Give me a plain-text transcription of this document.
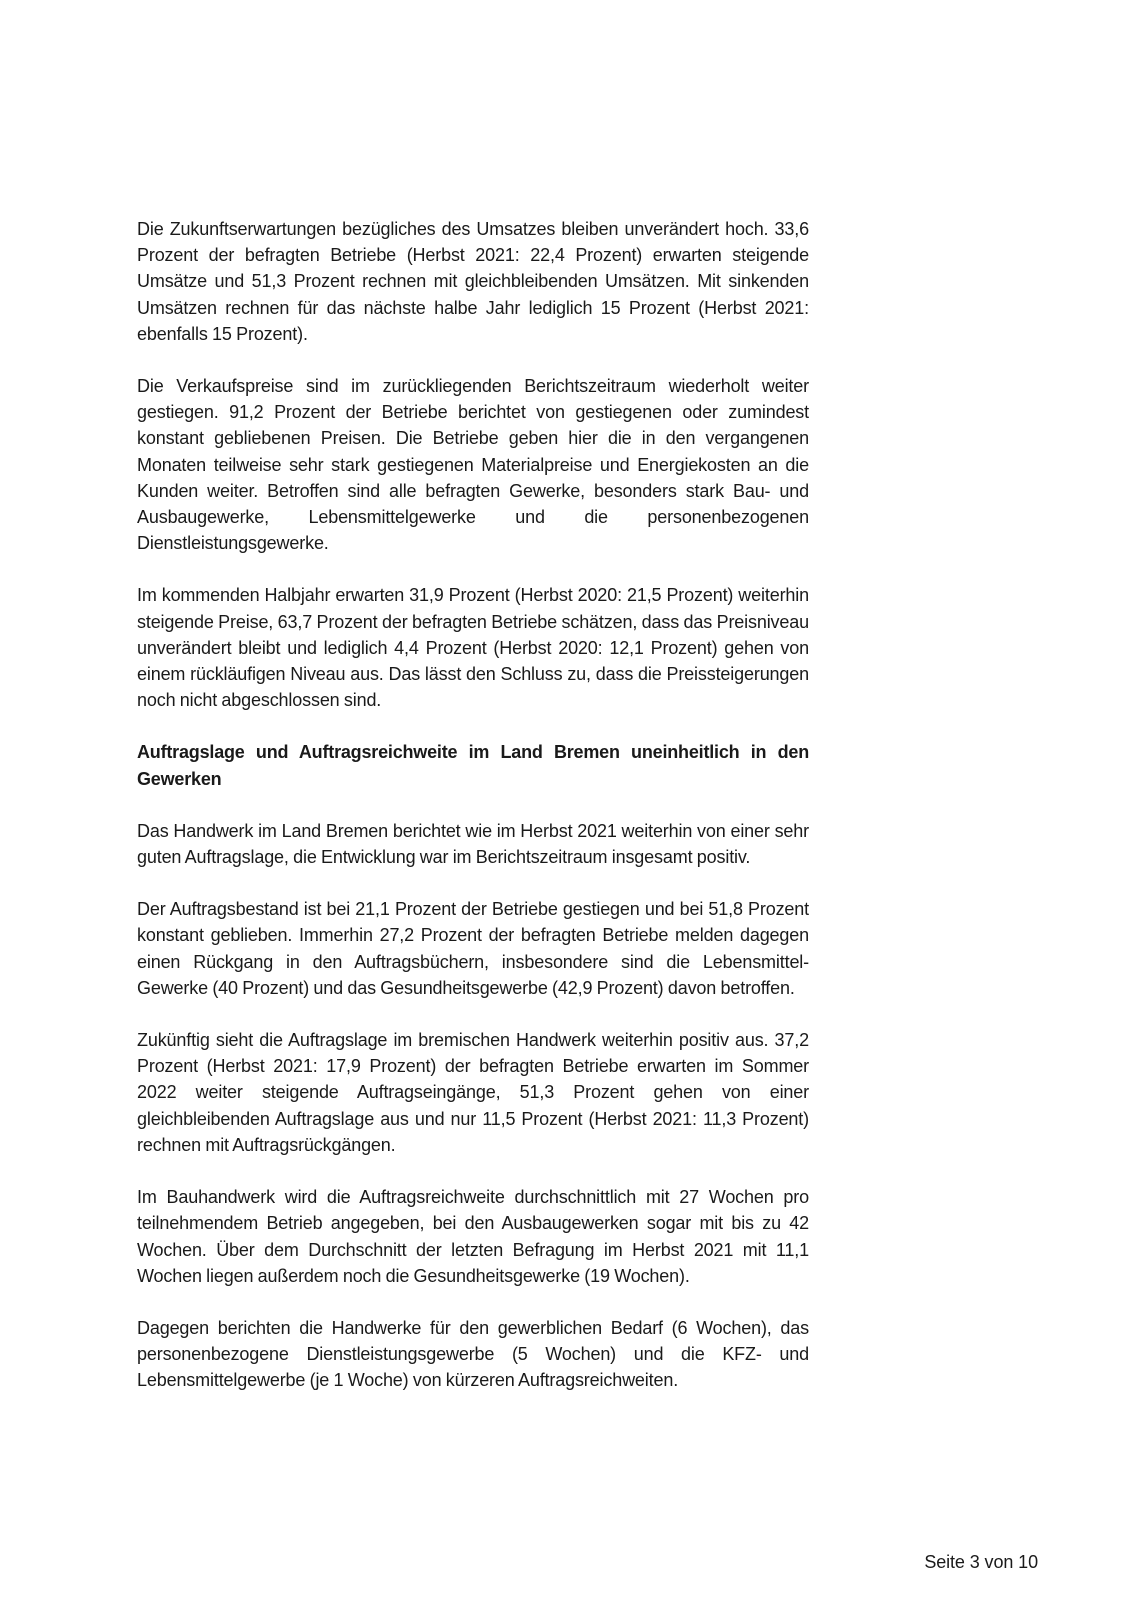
Die Zukunftserwartungen bezügliches des Umsatzes bleiben unverändert hoch. 33,6 Prozent der befragten Betriebe (Herbst 2021: 22,4 Prozent) erwarten steigende Umsätze und 51,3 Prozent rechnen mit gleichbleibenden Umsätzen. Mit sinkenden Umsätzen rechnen für das nächste halbe Jahr lediglich 15 Prozent (Herbst 2021: ebenfalls 15 Prozent).

Die Verkaufspreise sind im zurückliegenden Berichtszeitraum wiederholt weiter gestiegen. 91,2 Prozent der Betriebe berichtet von gestiegenen oder zumindest konstant gebliebenen Preisen. Die Betriebe geben hier die in den vergangenen Monaten teilweise sehr stark gestiegenen Materialpreise und Energiekosten an die Kunden weiter. Betroffen sind alle befragten Gewerke, besonders stark Bau- und Ausbaugewerke, Lebensmittelgewerke und die personenbezogenen Dienstleistungsgewerke.

Im kommenden Halbjahr erwarten 31,9 Prozent (Herbst 2020: 21,5 Prozent) weiterhin steigende Preise, 63,7 Prozent der befragten Betriebe schätzen, dass das Preisniveau unverändert bleibt und lediglich 4,4 Prozent (Herbst 2020: 12,1 Prozent) gehen von einem rückläufigen Niveau aus. Das lässt den Schluss zu, dass die Preissteigerungen noch nicht abgeschlossen sind.

Auftragslage und Auftragsreichweite im Land Bremen uneinheitlich in den Gewerken

Das Handwerk im Land Bremen berichtet wie im Herbst 2021 weiterhin von einer sehr guten Auftragslage, die Entwicklung war im Berichtszeitraum insgesamt positiv.

Der Auftragsbestand ist bei 21,1 Prozent der Betriebe gestiegen und bei 51,8 Prozent konstant geblieben. Immerhin 27,2 Prozent der befragten Betriebe melden dagegen einen Rückgang in den Auftragsbüchern, insbesondere sind die Lebensmittel-Gewerke (40 Prozent) und das Gesundheitsgewerbe (42,9 Prozent) davon betroffen.

Zukünftig sieht die Auftragslage im bremischen Handwerk weiterhin positiv aus. 37,2 Prozent (Herbst 2021: 17,9 Prozent) der befragten Betriebe erwarten im Sommer 2022 weiter steigende Auftragseingänge, 51,3 Prozent gehen von einer gleichbleibenden Auftragslage aus und nur 11,5 Prozent (Herbst 2021: 11,3 Prozent) rechnen mit Auftragsrückgängen.

Im Bauhandwerk wird die Auftragsreichweite durchschnittlich mit 27 Wochen pro teilnehmendem Betrieb angegeben, bei den Ausbaugewerken sogar mit bis zu 42 Wochen. Über dem Durchschnitt der letzten Befragung im Herbst 2021 mit 11,1 Wochen liegen außerdem noch die Gesundheitsgewerke (19 Wochen).

Dagegen berichten die Handwerke für den gewerblichen Bedarf (6 Wochen), das personenbezogene Dienstleistungsgewerbe (5 Wochen) und die KFZ- und Lebensmittelgewerbe (je 1 Woche) von kürzeren Auftragsreichweiten.

Seite 3 von 10
